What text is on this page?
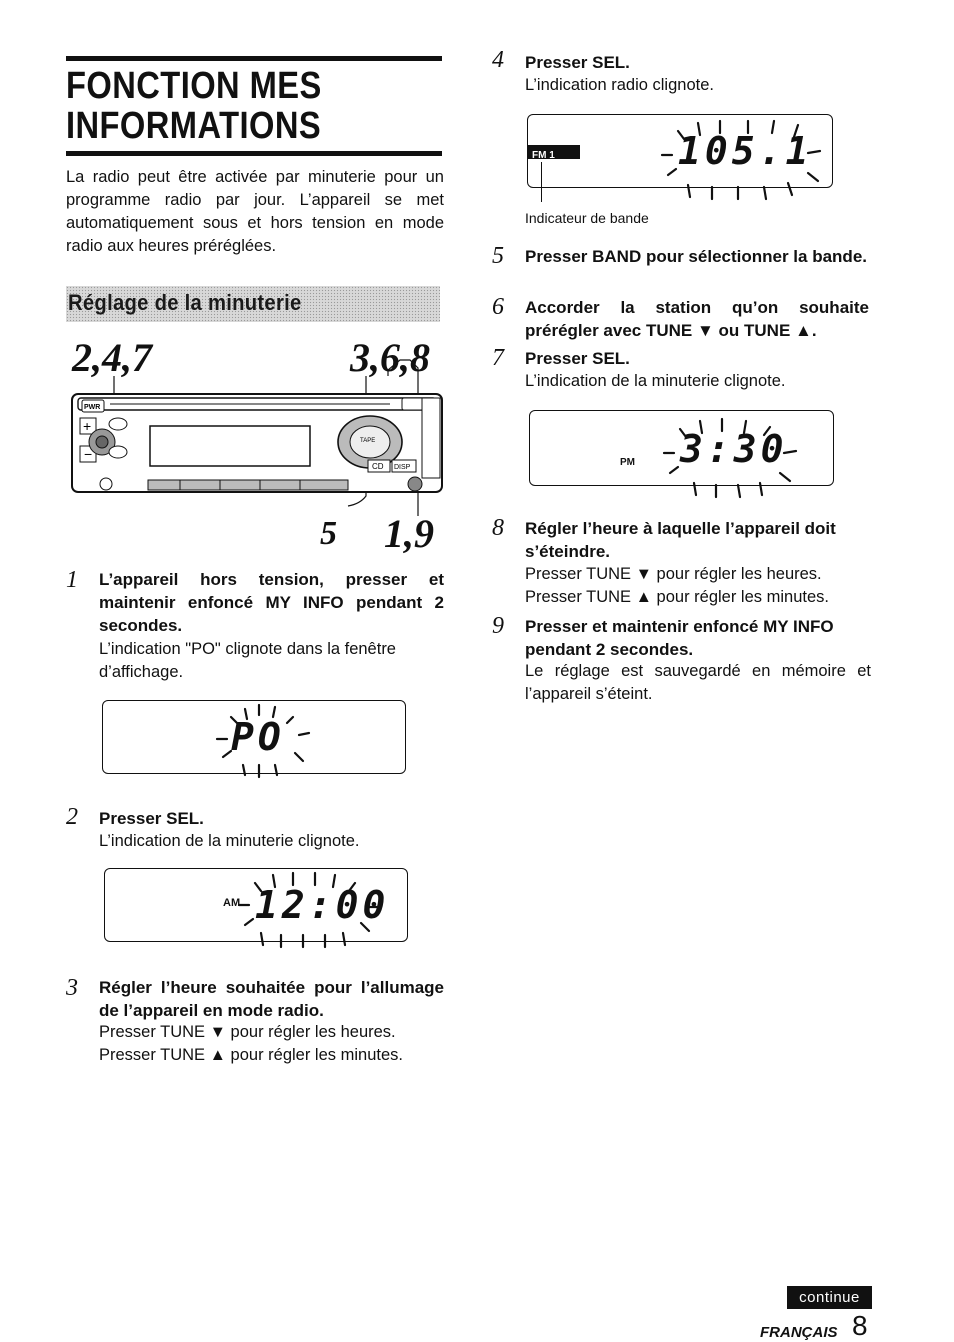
FONCTION MES
INFORMATIONS
La radio peut être activée par minuterie pour un programme radio par jour. L’appareil se met automatiquement sous et hors tension en mode radio aux heures préréglées.
Réglage de la minuterie
2,4,7	3,6,8
5 1,9
PWR
+
−
TAPE
CD DISP
1 L’appareil hors tension, presser et maintenir enfoncé MY INFO pendant 2 secondes.
L’indication "PO" clignote dans la fenêtre d’affichage.
PO
2 Presser SEL.
L’indication de la minuterie clignote.
AM 12:00
3 Régler l’heure souhaitée pour l’allumage de l’appareil en mode radio.
Presser TUNE ▼ pour régler les heures.
Presser TUNE ▲ pour régler les minutes.
4 Presser SEL.
L’indication radio clignote.
FM 1	105.1
Indicateur de bande
5 Presser BAND pour sélectionner la bande.
6 Accorder la station qu’on souhaite prérégler avec TUNE ▼ ou TUNE ▲.
7 Presser SEL.
L’indication de la minuterie clignote.
PM 3:30
8 Régler l’heure à laquelle l’appareil doit s’éteindre.
Presser TUNE ▼ pour régler les heures.
Presser TUNE ▲ pour régler les minutes.
9 Presser et maintenir enfoncé MY INFO pendant 2 secondes.
Le réglage est sauvegardé en mémoire et l’appareil s’éteint.
continue
FRANÇAIS 8
